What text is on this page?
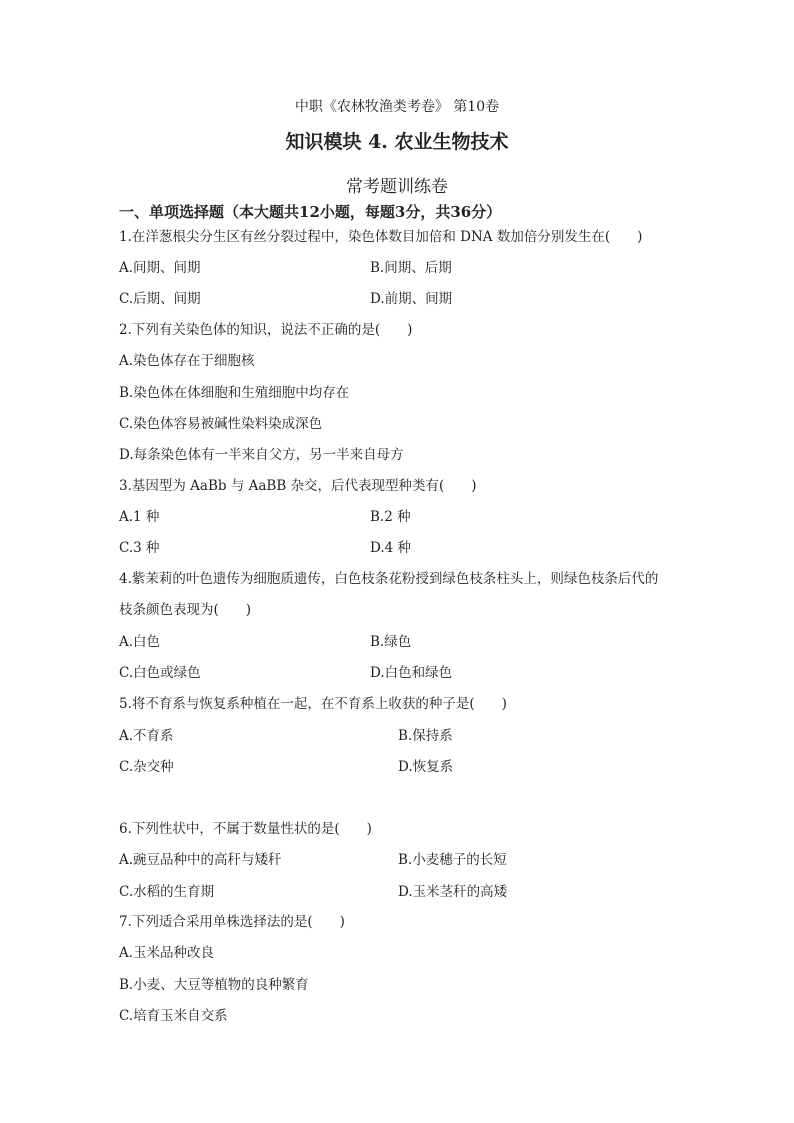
中职《农林牧渔类考卷》 第10卷
知识模块 4. 农业生物技术
常考题训练卷
一、单项选择题（本大题共12小题，每题3分，共36分）
1.在洋葱根尖分生区有丝分裂过程中，染色体数目加倍和 DNA 数加倍分别发生在(　　)
A.间期、间期	B.间期、后期
C.后期、间期	D.前期、间期
2.下列有关染色体的知识，说法不正确的是(　　)
A.染色体存在于细胞核
B.染色体在体细胞和生殖细胞中均存在
C.染色体容易被碱性染料染成深色
D.每条染色体有一半来自父方，另一半来自母方
3.基因型为 AaBb 与 AaBB 杂交，后代表现型种类有(　　)
A.1 种	B.2 种
C.3 种	D.4 种
4.紫茉莉的叶色遗传为细胞质遗传，白色枝条花粉授到绿色枝条柱头上，则绿色枝条后代的
枝条颜色表现为(　　)
A.白色	B.绿色
C.白色或绿色	D.白色和绿色
5.将不育系与恢复系种植在一起，在不育系上收获的种子是(　　)
A.不育系	B.保持系
C.杂交种	D.恢复系
6.下列性状中，不属于数量性状的是(　　)
A.豌豆品种中的高秆与矮秆	B.小麦穗子的长短
C.水稻的生育期	D.玉米茎秆的高矮
7.下列适合采用单株选择法的是(　　)
A.玉米品种改良
B.小麦、大豆等植物的良种繁育
C.培育玉米自交系
